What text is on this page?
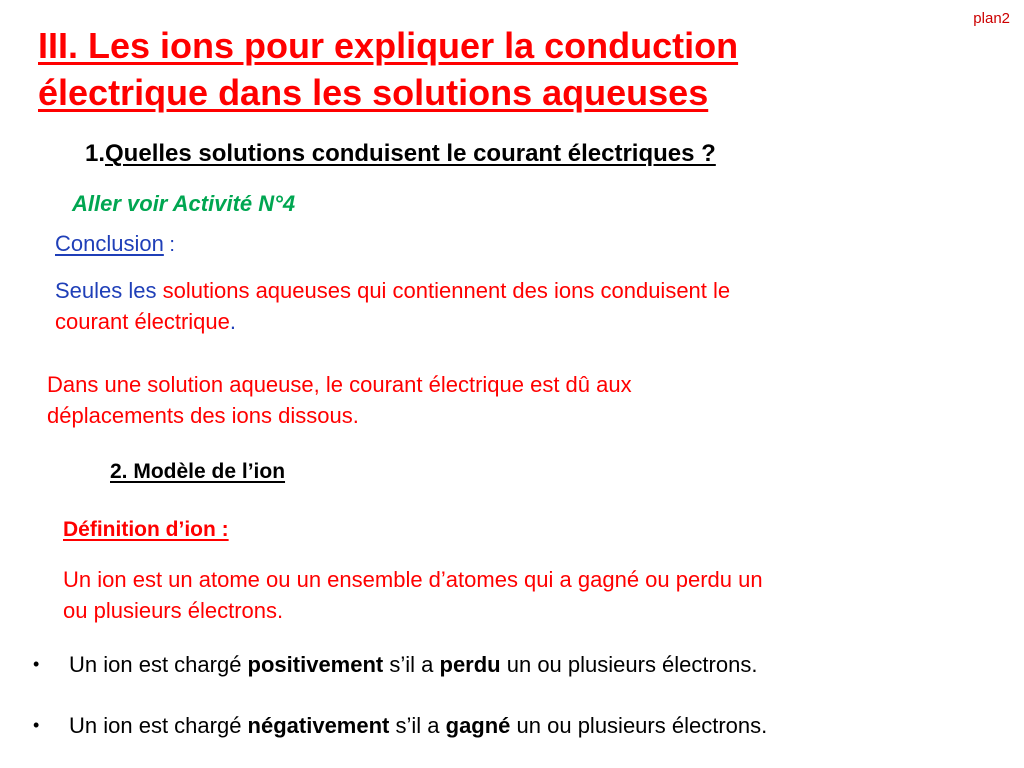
plan2
III. Les ions pour expliquer la conduction
électrique dans les solutions aqueuses
1.Quelles solutions conduisent le courant électriques ?
Aller voir Activité N°4
Conclusion :
Seules les solutions aqueuses qui contiennent des ions conduisent le
courant électrique.
Dans une solution aqueuse, le courant électrique est dû aux
déplacements des ions dissous.
2. Modèle de l’ion
Définition d’ion :
Un ion est un atome ou un ensemble d’atomes qui a gagné ou perdu un
ou plusieurs électrons.
• Un ion est chargé positivement s’il a perdu un ou plusieurs électrons.
• Un ion est chargé négativement s’il a gagné un ou plusieurs électrons.
